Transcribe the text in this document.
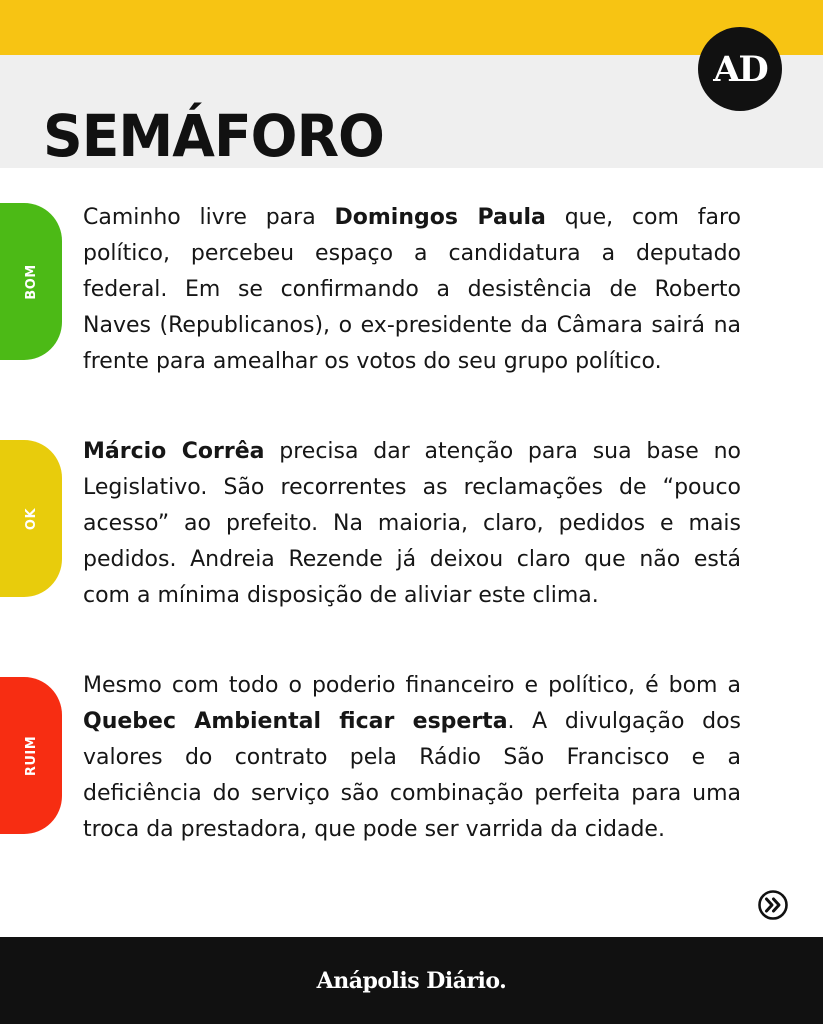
SEMÁFORO
AD
BOM

Caminho livre para Domingos Paula que, com faro político, percebeu espaço a candidatura a deputado federal. Em se confirmando a desistência de Roberto Naves (Republicanos), o ex-presidente da Câmara sairá na frente para amealhar os votos do seu grupo político.

OK

Márcio Corrêa precisa dar atenção para sua base no Legislativo. São recorrentes as reclamações de “pouco acesso” ao prefeito. Na maioria, claro, pedidos e mais pedidos. Andreia Rezende já deixou claro que não está com a mínima disposição de aliviar este clima.

RUIM

Mesmo com todo o poderio financeiro e político, é bom a Quebec Ambiental ficar esperta. A divulgação dos valores do contrato pela Rádio São Francisco e a deficiência do serviço são combinação perfeita para uma troca da prestadora, que pode ser varrida da cidade.

Anápolis Diário.
